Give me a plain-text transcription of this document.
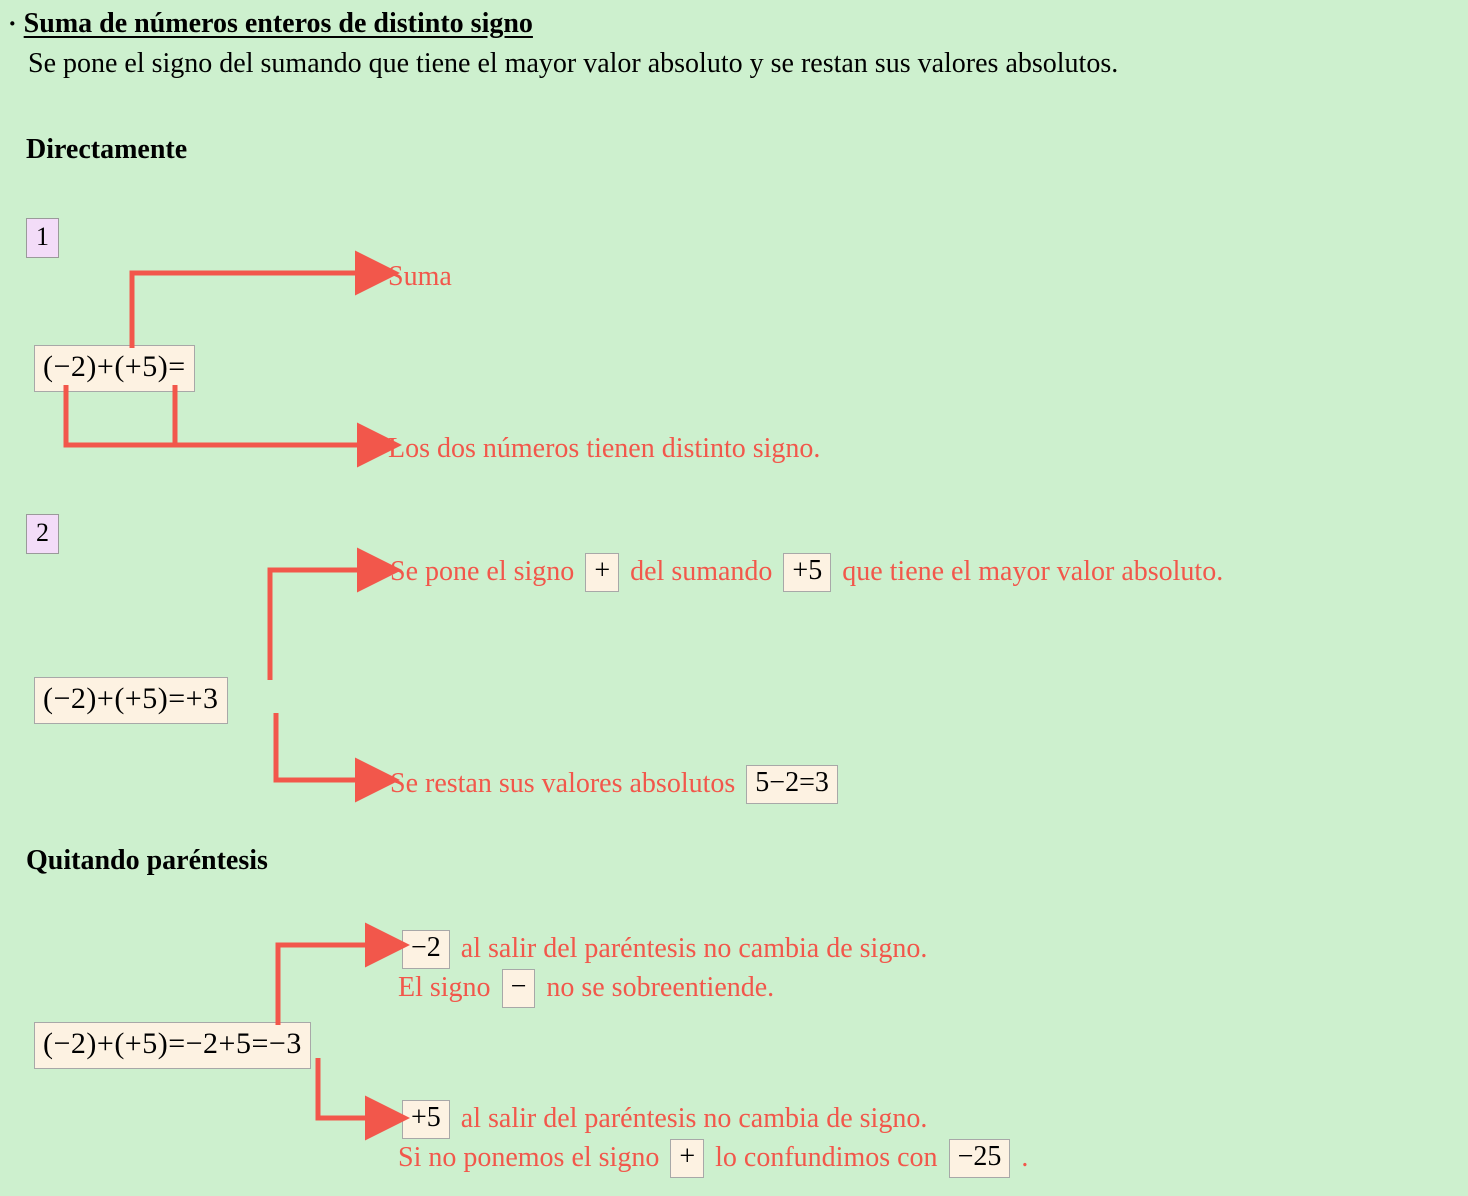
· Suma de números enteros de distinto signo
Se pone el signo del sumando que tiene el mayor valor absoluto y se restan sus valores absolutos.
Directamente
Quitando paréntesis
1
2
(−2)+(+5)=
(−2)+(+5)=+3
(−2)+(+5)=−2+5=−3
Suma
Los dos números tienen distinto signo.
Se pone el signo + del sumando +5 que tiene el mayor valor absoluto.
Se restan sus valores absolutos 5−2=3
−2 al salir del paréntesis no cambia de signo.
El signo − no se sobreentiende.
+5 al salir del paréntesis no cambia de signo.
Si no ponemos el signo + lo confundimos con −25 .
